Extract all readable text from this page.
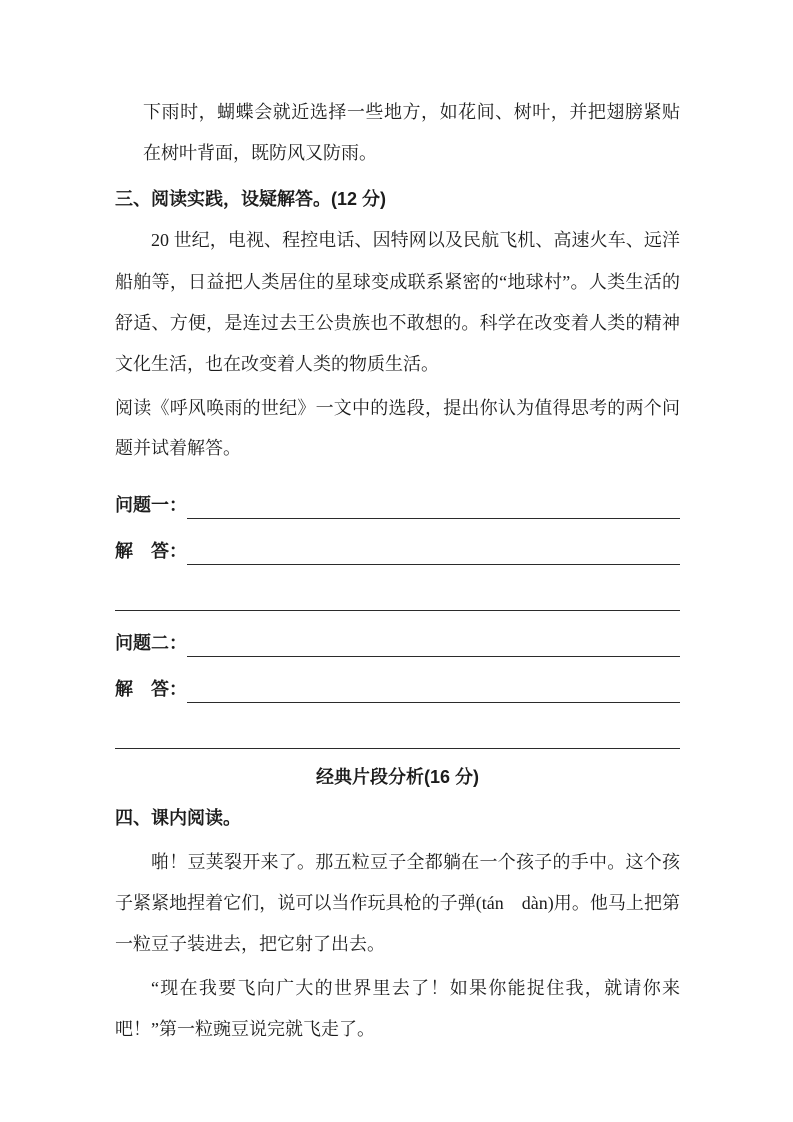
下雨时，蝴蝶会就近选择一些地方，如花间、树叶，并把翅膀紧贴在树叶背面，既防风又防雨。

三、阅读实践，设疑解答。(12 分)

20 世纪，电视、程控电话、因特网以及民航飞机、高速火车、远洋船舶等，日益把人类居住的星球变成联系紧密的“地球村”。人类生活的舒适、方便，是连过去王公贵族也不敢想的。科学在改变着人类的精神文化生活，也在改变着人类的物质生活。

阅读《呼风唤雨的世纪》一文中的选段，提出你认为值得思考的两个问题并试着解答。

问题一：
解　答：
问题二：
解　答：
经典片段分析(16 分)
四、课内阅读。

啪！豆荚裂开来了。那五粒豆子全都躺在一个孩子的手中。这个孩子紧紧地捏着它们，说可以当作玩具枪的子弹(tán　dàn)用。他马上把第一粒豆子装进去，把它射了出去。

“现在我要飞向广大的世界里去了！如果你能捉住我，就请你来吧！”第一粒豌豆说完就飞走了。
